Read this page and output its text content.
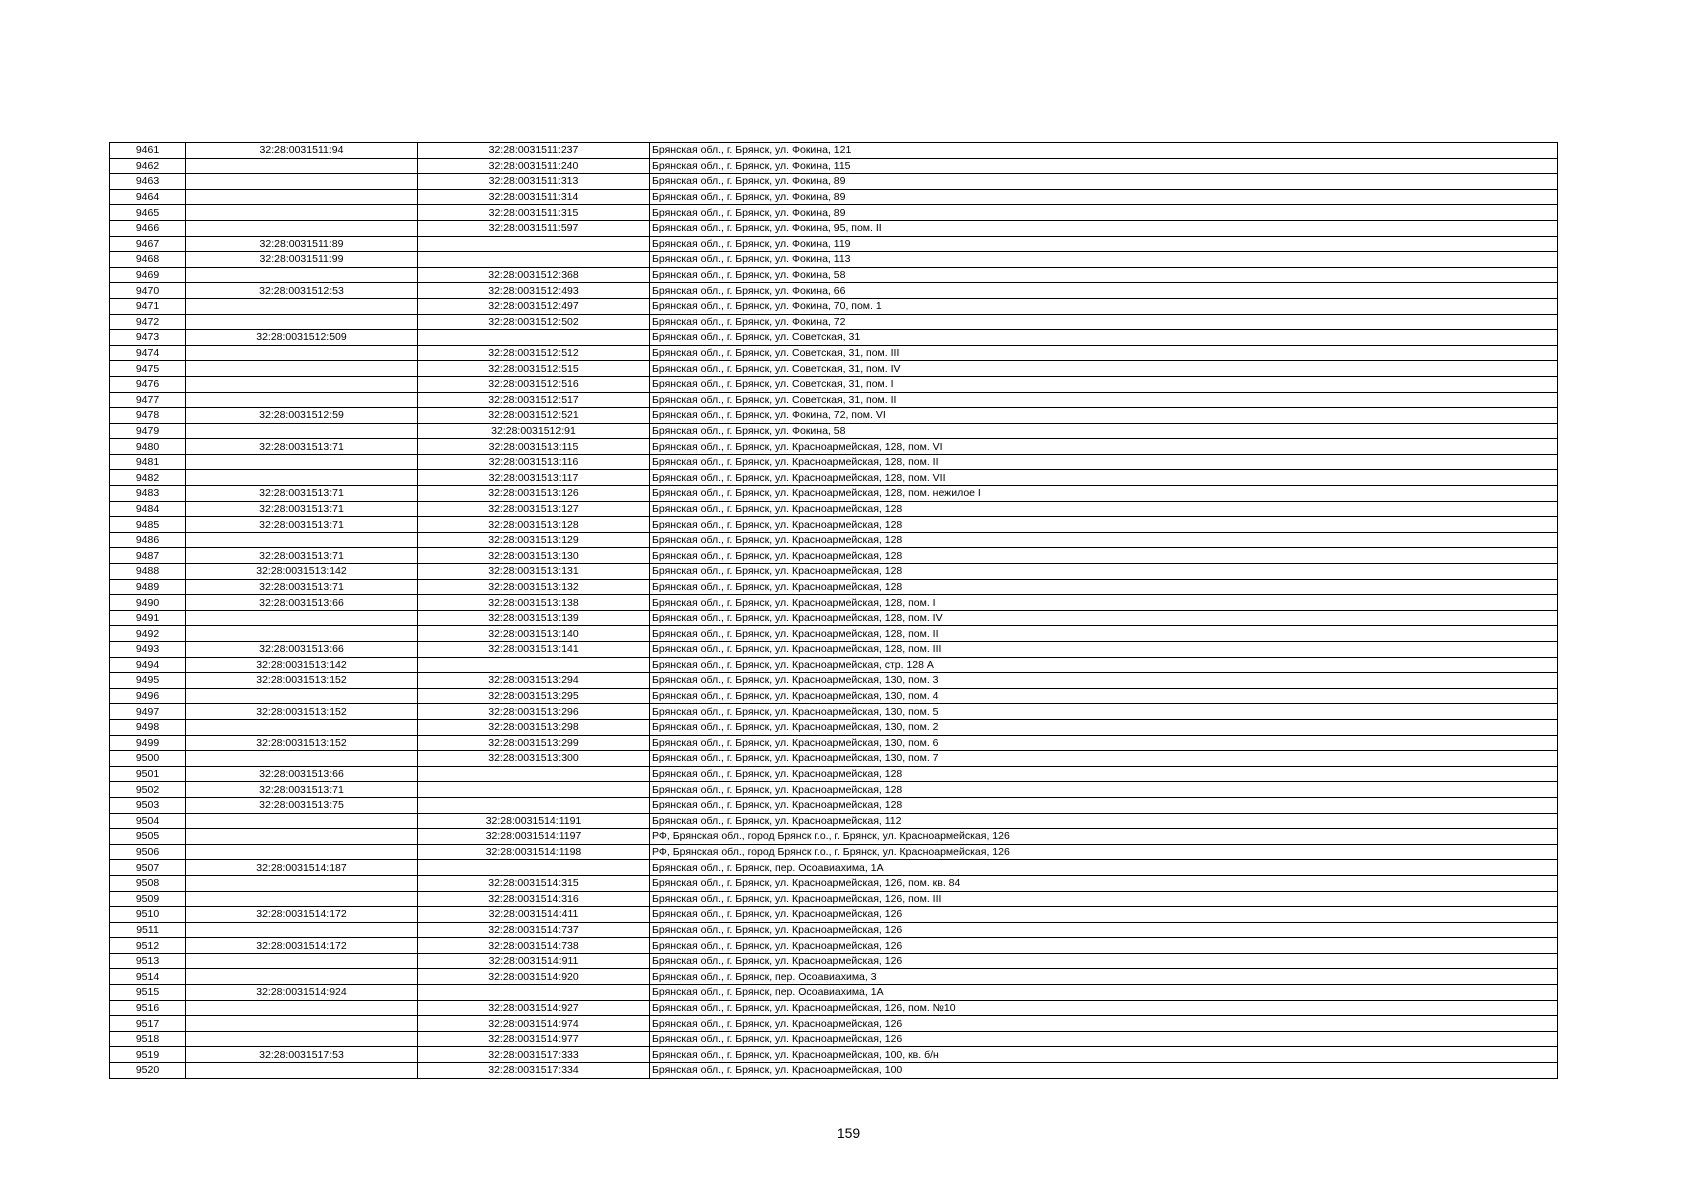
9461	32:28:0031511:94	32:28:0031511:237	Брянская обл., г. Брянск, ул. Фокина, 121
9462		32:28:0031511:240	Брянская обл., г. Брянск, ул. Фокина, 115
9463		32:28:0031511:313	Брянская обл., г. Брянск, ул. Фокина, 89
9464		32:28:0031511:314	Брянская обл., г. Брянск, ул. Фокина, 89
9465		32:28:0031511:315	Брянская обл., г. Брянск, ул. Фокина, 89
9466		32:28:0031511:597	Брянская обл., г. Брянск, ул. Фокина, 95, пом. II
9467	32:28:0031511:89		Брянская обл., г. Брянск, ул. Фокина, 119
9468	32:28:0031511:99		Брянская обл., г. Брянск, ул. Фокина, 113
9469		32:28:0031512:368	Брянская обл., г. Брянск, ул. Фокина, 58
9470	32:28:0031512:53	32:28:0031512:493	Брянская обл., г. Брянск, ул. Фокина, 66
9471		32:28:0031512:497	Брянская обл., г. Брянск, ул. Фокина, 70, пом. 1
9472		32:28:0031512:502	Брянская обл., г. Брянск, ул. Фокина, 72
9473	32:28:0031512:509		Брянская обл., г. Брянск, ул. Советская, 31
9474		32:28:0031512:512	Брянская обл., г. Брянск, ул. Советская, 31, пом. III
9475		32:28:0031512:515	Брянская обл., г. Брянск, ул. Советская, 31, пом. IV
9476		32:28:0031512:516	Брянская обл., г. Брянск, ул. Советская, 31, пом. I
9477		32:28:0031512:517	Брянская обл., г. Брянск, ул. Советская, 31, пом. II
9478	32:28:0031512:59	32:28:0031512:521	Брянская обл., г. Брянск, ул. Фокина, 72, пом. VI
9479		32:28:0031512:91	Брянская обл., г. Брянск, ул. Фокина, 58
9480	32:28:0031513:71	32:28:0031513:115	Брянская обл., г. Брянск, ул. Красноармейская, 128, пом. VI
9481		32:28:0031513:116	Брянская обл., г. Брянск, ул. Красноармейская, 128, пом. II
9482		32:28:0031513:117	Брянская обл., г. Брянск, ул. Красноармейская, 128, пом. VII
9483	32:28:0031513:71	32:28:0031513:126	Брянская обл., г. Брянск, ул. Красноармейская, 128, пом. нежилое I
9484	32:28:0031513:71	32:28:0031513:127	Брянская обл., г. Брянск, ул. Красноармейская, 128
9485	32:28:0031513:71	32:28:0031513:128	Брянская обл., г. Брянск, ул. Красноармейская, 128
9486		32:28:0031513:129	Брянская обл., г. Брянск, ул. Красноармейская, 128
9487	32:28:0031513:71	32:28:0031513:130	Брянская обл., г. Брянск, ул. Красноармейская, 128
9488	32:28:0031513:142	32:28:0031513:131	Брянская обл., г. Брянск, ул. Красноармейская, 128
9489	32:28:0031513:71	32:28:0031513:132	Брянская обл., г. Брянск, ул. Красноармейская, 128
9490	32:28:0031513:66	32:28:0031513:138	Брянская обл., г. Брянск, ул. Красноармейская, 128, пом. I
9491		32:28:0031513:139	Брянская обл., г. Брянск, ул. Красноармейская, 128, пом. IV
9492		32:28:0031513:140	Брянская обл., г. Брянск, ул. Красноармейская, 128, пом. II
9493	32:28:0031513:66	32:28:0031513:141	Брянская обл., г. Брянск, ул. Красноармейская, 128, пом. III
9494	32:28:0031513:142		Брянская обл., г. Брянск, ул. Красноармейская, стр. 128 А
9495	32:28:0031513:152	32:28:0031513:294	Брянская обл., г. Брянск, ул. Красноармейская, 130, пом. 3
9496		32:28:0031513:295	Брянская обл., г. Брянск, ул. Красноармейская, 130, пом. 4
9497	32:28:0031513:152	32:28:0031513:296	Брянская обл., г. Брянск, ул. Красноармейская, 130, пом. 5
9498		32:28:0031513:298	Брянская обл., г. Брянск, ул. Красноармейская, 130, пом. 2
9499	32:28:0031513:152	32:28:0031513:299	Брянская обл., г. Брянск, ул. Красноармейская, 130, пом. 6
9500		32:28:0031513:300	Брянская обл., г. Брянск, ул. Красноармейская, 130, пом. 7
9501	32:28:0031513:66		Брянская обл., г. Брянск, ул. Красноармейская, 128
9502	32:28:0031513:71		Брянская обл., г. Брянск, ул. Красноармейская, 128
9503	32:28:0031513:75		Брянская обл., г. Брянск, ул. Красноармейская, 128
9504		32:28:0031514:1191	Брянская обл., г. Брянск, ул. Красноармейская, 112
9505		32:28:0031514:1197	РФ, Брянская обл., город Брянск г.о., г. Брянск, ул. Красноармейская, 126
9506		32:28:0031514:1198	РФ, Брянская обл., город Брянск г.о., г. Брянск, ул. Красноармейская, 126
9507	32:28:0031514:187		Брянская обл., г. Брянск, пер. Осоавиахима, 1А
9508		32:28:0031514:315	Брянская обл., г. Брянск, ул. Красноармейская, 126, пом. кв. 84
9509		32:28:0031514:316	Брянская обл., г. Брянск, ул. Красноармейская, 126, пом. III
9510	32:28:0031514:172	32:28:0031514:411	Брянская обл., г. Брянск, ул. Красноармейская, 126
9511		32:28:0031514:737	Брянская обл., г. Брянск, ул. Красноармейская, 126
9512	32:28:0031514:172	32:28:0031514:738	Брянская обл., г. Брянск, ул. Красноармейская, 126
9513		32:28:0031514:911	Брянская обл., г. Брянск, ул. Красноармейская, 126
9514		32:28:0031514:920	Брянская обл., г. Брянск, пер. Осоавиахима, 3
9515	32:28:0031514:924		Брянская обл., г. Брянск, пер. Осоавиахима, 1А
9516		32:28:0031514:927	Брянская обл., г. Брянск, ул. Красноармейская, 126, пом. №10
9517		32:28:0031514:974	Брянская обл., г. Брянск, ул. Красноармейская, 126
9518		32:28:0031514:977	Брянская обл., г. Брянск, ул. Красноармейская, 126
9519	32:28:0031517:53	32:28:0031517:333	Брянская обл., г. Брянск, ул. Красноармейская, 100, кв. б/н
9520		32:28:0031517:334	Брянская обл., г. Брянск, ул. Красноармейская, 100
159
